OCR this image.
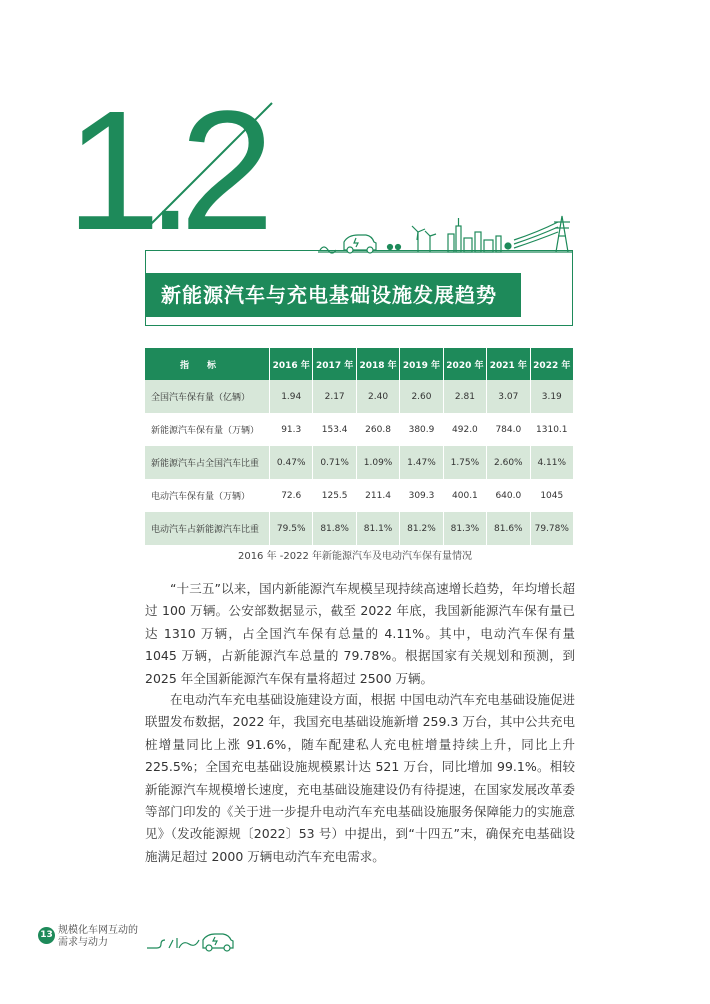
1.2
新能源汽车与充电基础设施发展趋势
指标	2016 年	2017 年	2018 年	2019 年	2020 年	2021 年	2022 年
全国汽车保有量（亿辆）	1.94	2.17	2.40	2.60	2.81	3.07	3.19
新能源汽车保有量（万辆）	91.3	153.4	260.8	380.9	492.0	784.0	1310.1
新能源汽车占全国汽车比重	0.47%	0.71%	1.09%	1.47%	1.75%	2.60%	4.11%
电动汽车保有量（万辆）	72.6	125.5	211.4	309.3	400.1	640.0	1045
电动汽车占新能源汽车比重	79.5%	81.8%	81.1%	81.2%	81.3%	81.6%	79.78%
2016 年 -2022 年新能源汽车及电动汽车保有量情况

“十三五”以来，国内新能源汽车规模呈现持续高速增长趋势，年均增长超过 100 万辆。公安部数据显示，截至 2022 年底，我国新能源汽车保有量已达 1310 万辆，占全国汽车保有总量的 4.11%。其中，电动汽车保有量 1045 万辆，占新能源汽车总量的 79.78%。根据国家有关规划和预测，到 2025 年全国新能源汽车保有量将超过 2500 万辆。

在电动汽车充电基础设施建设方面，根据 中国电动汽车充电基础设施促进联盟发布数据，2022 年，我国充电基础设施新增 259.3 万台，其中公共充电桩增量同比上涨 91.6%，随车配建私人充电桩增量持续上升，同比上升 225.5%；全国充电基础设施规模累计达 521 万台，同比增加 99.1%。相较新能源汽车规模增长速度，充电基础设施建设仍有待提速，在国家发展改革委等部门印发的《关于进一步提升电动汽车充电基础设施服务保障能力的实施意见》（发改能源规〔2022〕53 号）中提出，到“十四五”末，确保充电基础设施满足超过 2000 万辆电动汽车充电需求。

13 规模化车网互动的
需求与动力
